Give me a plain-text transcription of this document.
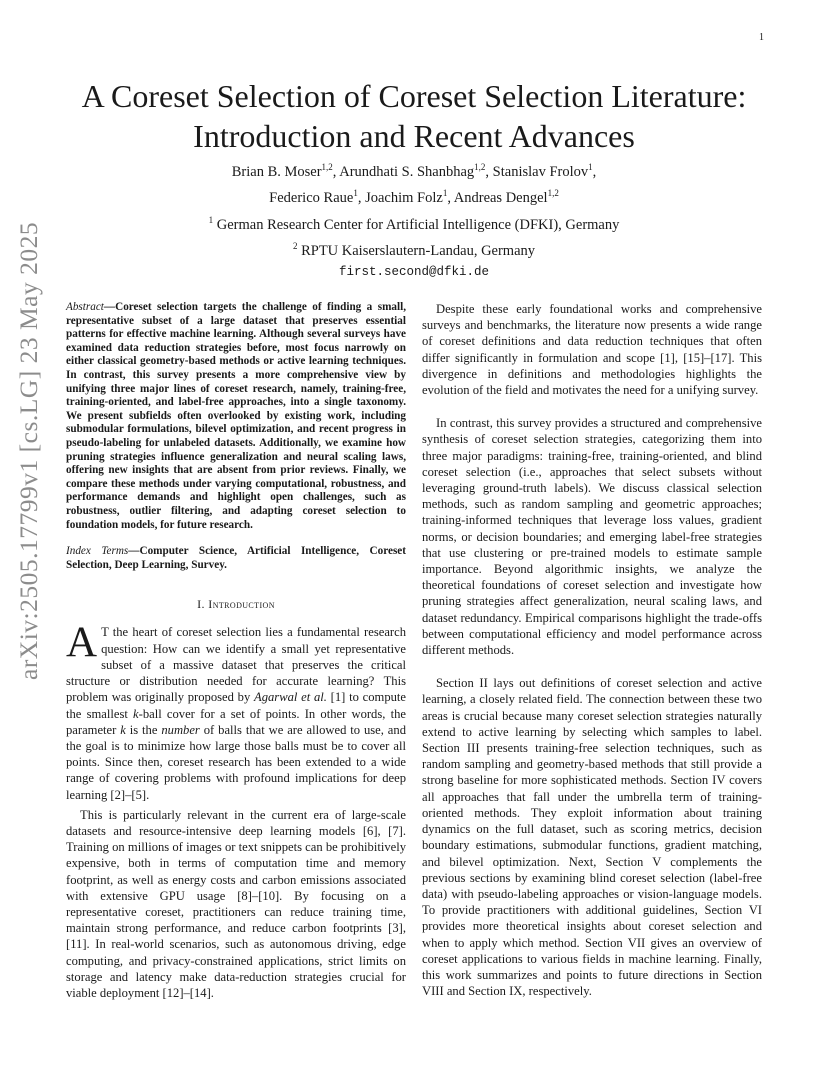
1
arXiv:2505.17799v1 [cs.LG] 23 May 2025
A Coreset Selection of Coreset Selection Literature:
Introduction and Recent Advances
Brian B. Moser$^{1,2}$, Arundhati S. Shanbhag$^{1,2}$, Stanislav Frolov$^1$,
Federico Raue$^1$, Joachim Folz$^1$, Andreas Dengel$^{1,2}$
$^1$ German Research Center for Artificial Intelligence (DFKI), Germany
$^2$ RPTU Kaiserslautern-Landau, Germany
first.second@dfki.de

Abstract—Coreset selection targets the challenge of finding a small, representative subset of a large dataset that preserves essential patterns for effective machine learning. Although several surveys have examined data reduction strategies before, most focus narrowly on either classical geometry-based methods or active learning techniques. In contrast, this survey presents a more comprehensive view by unifying three major lines of coreset research, namely, training-free, training-oriented, and label-free approaches, into a single taxonomy. We present subfields often overlooked by existing work, including submodular formulations, bilevel optimization, and recent progress in pseudo-labeling for unlabeled datasets. Additionally, we examine how pruning strategies influence generalization and neural scaling laws, offering new insights that are absent from prior reviews. Finally, we compare these methods under varying computational, robustness, and performance demands and highlight open challenges, such as robustness, outlier filtering, and adapting coreset selection to foundation models, for future research.

Index Terms—Computer Science, Artificial Intelligence, Coreset Selection, Deep Learning, Survey.

I. Introduction

A T the heart of coreset selection lies a fundamental research question: How can we identify a small yet representative subset of a massive dataset that preserves the critical structure or distribution needed for accurate learning? This problem was originally proposed by Agarwal et al. [1] to compute the smallest k-ball cover for a set of points. In other words, the parameter k is the number of balls that we are allowed to use, and the goal is to minimize how large those balls must be to cover all points. Since then, coreset research has been extended to a wide range of covering problems with profound implications for deep learning [2]–[5].

This is particularly relevant in the current era of large-scale datasets and resource-intensive deep learning models [6], [7]. Training on millions of images or text snippets can be prohibitively expensive, both in terms of computation time and memory footprint, as well as energy costs and carbon emissions associated with extensive GPU usage [8]–[10]. By focusing on a representative coreset, practitioners can reduce training time, maintain strong performance, and reduce carbon footprints [3], [11]. In real-world scenarios, such as autonomous driving, edge computing, and privacy-constrained applications, strict limits on storage and latency make data-reduction strategies crucial for viable deployment [12]–[14].

Despite these early foundational works and comprehensive surveys and benchmarks, the literature now presents a wide range of coreset definitions and data reduction techniques that often differ significantly in formulation and scope [1], [15]–[17]. This divergence in definitions and methodologies highlights the evolution of the field and motivates the need for a unifying survey.

In contrast, this survey provides a structured and comprehensive synthesis of coreset selection strategies, categorizing them into three major paradigms: training-free, training-oriented, and blind coreset selection (i.e., approaches that select subsets without leveraging ground-truth labels). We discuss classical selection methods, such as random sampling and geometric approaches; training-informed techniques that leverage loss values, gradient norms, or decision boundaries; and emerging label-free strategies that use clustering or pre-trained models to estimate sample importance. Beyond algorithmic insights, we analyze the theoretical foundations of coreset selection and investigate how pruning strategies affect generalization, neural scaling laws, and dataset redundancy. Empirical comparisons highlight the trade-offs between computational efficiency and model performance across different methods.

Section II lays out definitions of coreset selection and active learning, a closely related field. The connection between these two areas is crucial because many coreset selection strategies naturally extend to active learning by selecting which samples to label. Section III presents training-free selection techniques, such as random sampling and geometry-based methods that still provide a strong baseline for more sophisticated methods. Section IV covers all approaches that fall under the umbrella term of training-oriented methods. They exploit information about training dynamics on the full dataset, such as scoring metrics, decision boundary estimations, submodular functions, gradient matching, and bilevel optimization. Next, Section V complements the previous sections by examining blind coreset selection (label-free data) with pseudo-labeling approaches or vision-language models. To provide practitioners with additional guidelines, Section VI provides more theoretical insights about coreset selection and when to apply which method. Section VII gives an overview of coreset applications to various fields in machine learning. Finally, this work summarizes and points to future directions in Section VIII and Section IX, respectively.
